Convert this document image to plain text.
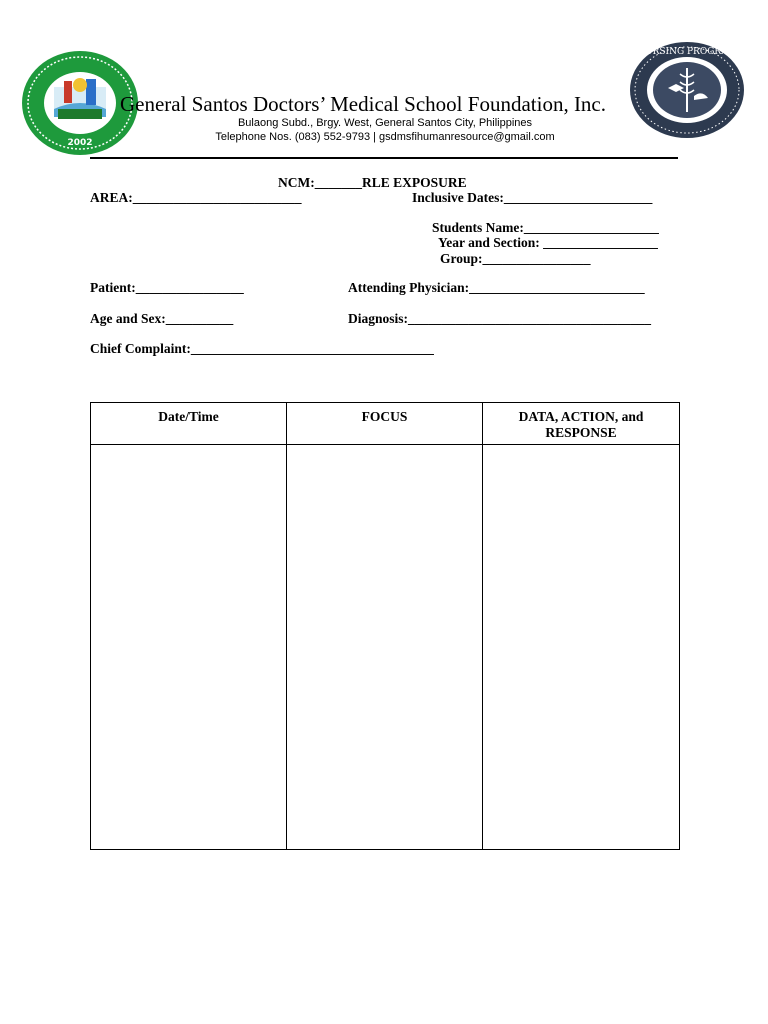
2002
NURSING PROGRAM
General Santos Doctors’ Medical School Foundation, Inc.
Bulaong Subd., Brgy. West, General Santos City, Philippines
Telephone Nos. (083) 552-9793 | gsdmsfihumanresource@gmail.com
NCM:_______RLE EXPOSURE
AREA:_________________________	Inclusive Dates:______________________
Students Name:____________________
Year and Section: _________________
Group:________________
Patient:________________	Attending Physician:__________________________
Age and Sex:__________	Diagnosis:____________________________________
Chief Complaint:____________________________________
Date/Time	FOCUS	DATA, ACTION, and RESPONSE
